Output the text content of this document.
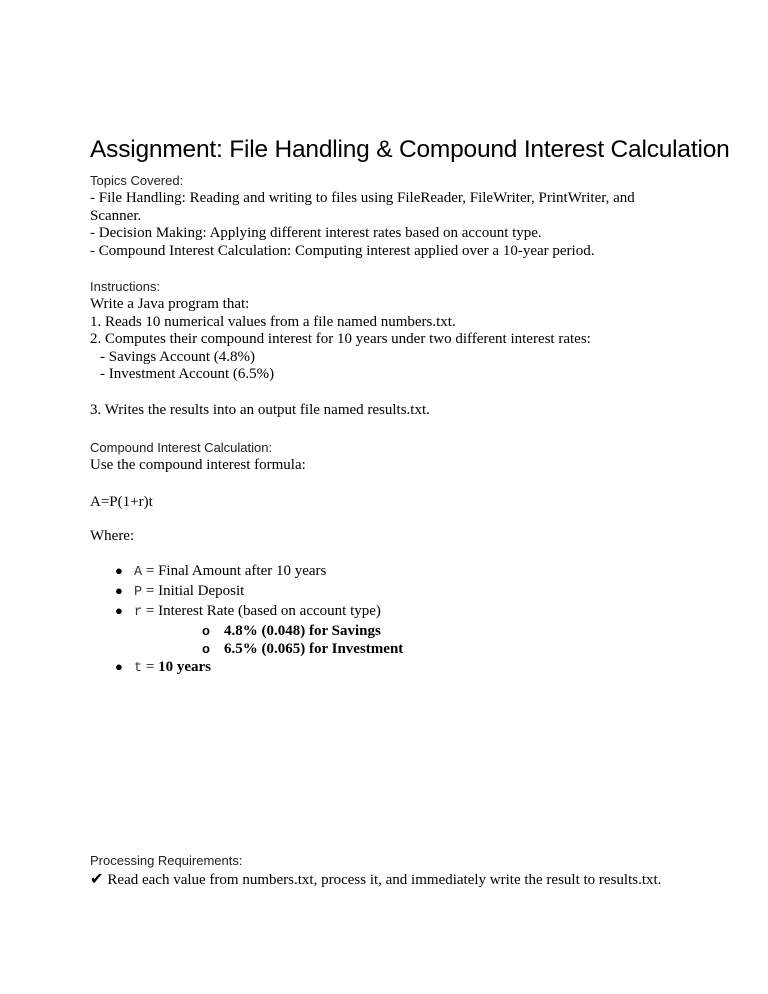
Assignment: File Handling & Compound Interest Calculation
Topics Covered:
- File Handling: Reading and writing to files using FileReader, FileWriter, PrintWriter, and
Scanner.
- Decision Making: Applying different interest rates based on account type.
- Compound Interest Calculation: Computing interest applied over a 10-year period.
Instructions:
Write a Java program that:
1. Reads 10 numerical values from a file named numbers.txt.
2. Computes their compound interest for 10 years under two different interest rates:
- Savings Account (4.8%)
- Investment Account (6.5%)
3. Writes the results into an output file named results.txt.
Compound Interest Calculation:
Use the compound interest formula:
A=P(1+r)t
Where:
● A = Final Amount after 10 years
● P = Initial Deposit
● r = Interest Rate (based on account type)
o 4.8% (0.048) for Savings
o 6.5% (0.065) for Investment
● t = 10 years
Processing Requirements:
✔ Read each value from numbers.txt, process it, and immediately write the result to results.txt.
